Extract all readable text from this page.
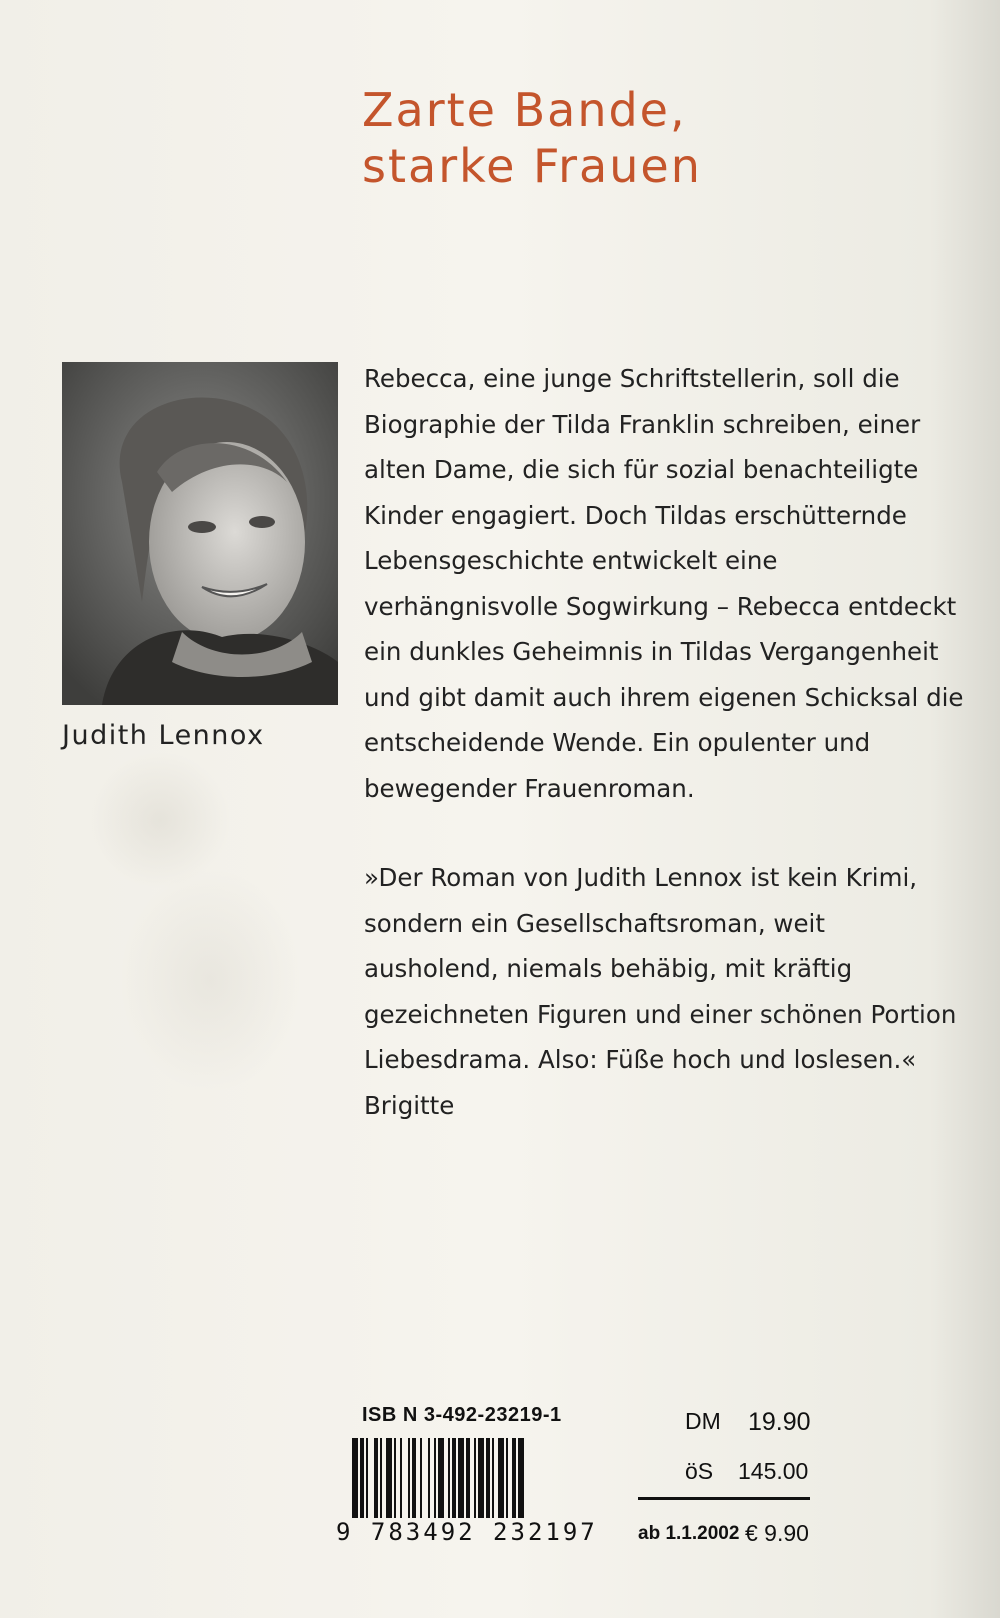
Zarte Bande,
starke Frauen
Judith Lennox

Rebecca, eine junge Schriftstellerin, soll die Biographie der Tilda Franklin schreiben, einer alten Dame, die sich für sozial benachteiligte Kinder engagiert. Doch Tildas erschütternde Lebensgeschichte entwickelt eine verhängnisvolle Sogwirkung – Rebecca entdeckt ein dunkles Geheimnis in Tildas Vergangenheit und gibt damit auch ihrem eigenen Schicksal die entscheidende Wende. Ein opulenter und bewegender Frauenroman.

»Der Roman von Judith Lennox ist kein Krimi, sondern ein Gesellschaftsroman, weit ausholend, niemals behäbig, mit kräftig gezeichneten Figuren und einer schönen Portion Liebesdrama. Also: Füße hoch und loslesen.«
Brigitte

ISB N 3-492-23219-1
9 783492 232197
DM 19.90
öS 145.00
ab 1.1.2002 € 9.90
